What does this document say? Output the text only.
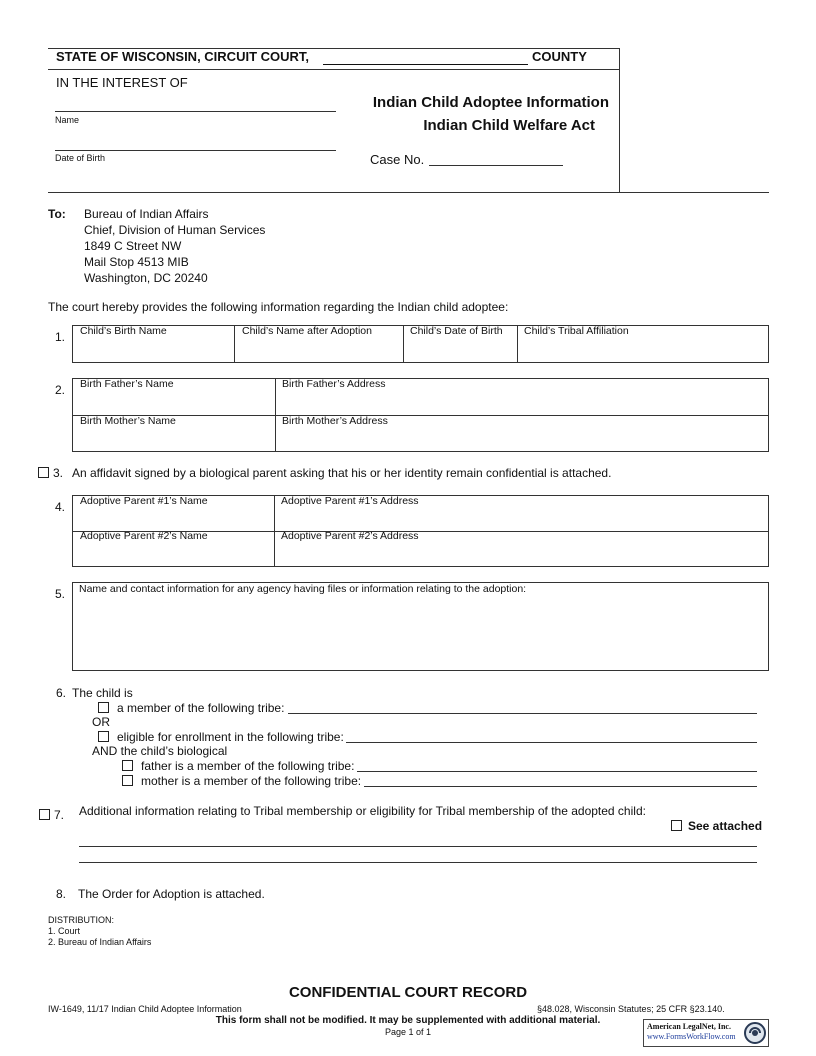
STATE OF WISCONSIN, CIRCUIT COURT,	COUNTY
IN THE INTEREST OF
Name
Date of Birth
Indian Child Adoptee Information
Indian Child Welfare Act
Case No.
To: Bureau of Indian Affairs
Chief, Division of Human Services
1849 C Street NW
Mail Stop 4513 MIB
Washington, DC 20240
The court hereby provides the following information regarding the Indian child adoptee:
1. Child’s Birth Name	Child’s Name after Adoption	Child’s Date of Birth Child’s Tribal Affiliation
2. Birth Father’s Name	Birth Father’s Address
Birth Mother’s Name	Birth Mother’s Address
3. An affidavit signed by a biological parent asking that his or her identity remain confidential is attached.
4. Adoptive Parent #1’s Name	Adoptive Parent #1’s Address
Adoptive Parent #2’s Name	Adoptive Parent #2’s Address
5. Name and contact information for any agency having files or information relating to the adoption:
6. The child is
a member of the following tribe:
OR
eligible for enrollment in the following tribe:
AND the child’s biological
father is a member of the following tribe:
mother is a member of the following tribe:
7. Additional information relating to Tribal membership or eligibility for Tribal membership of the adopted child:
See attached
8. The Order for Adoption is attached.
DISTRIBUTION:
1. Court
2. Bureau of Indian Affairs
CONFIDENTIAL COURT RECORD
IW-1649, 11/17 Indian Child Adoptee Information	§48.028, Wisconsin Statutes; 25 CFR §23.140.
This form shall not be modified. It may be supplemented with additional material.
Page 1 of 1
American LegalNet, Inc.
www.FormsWorkFlow.com
